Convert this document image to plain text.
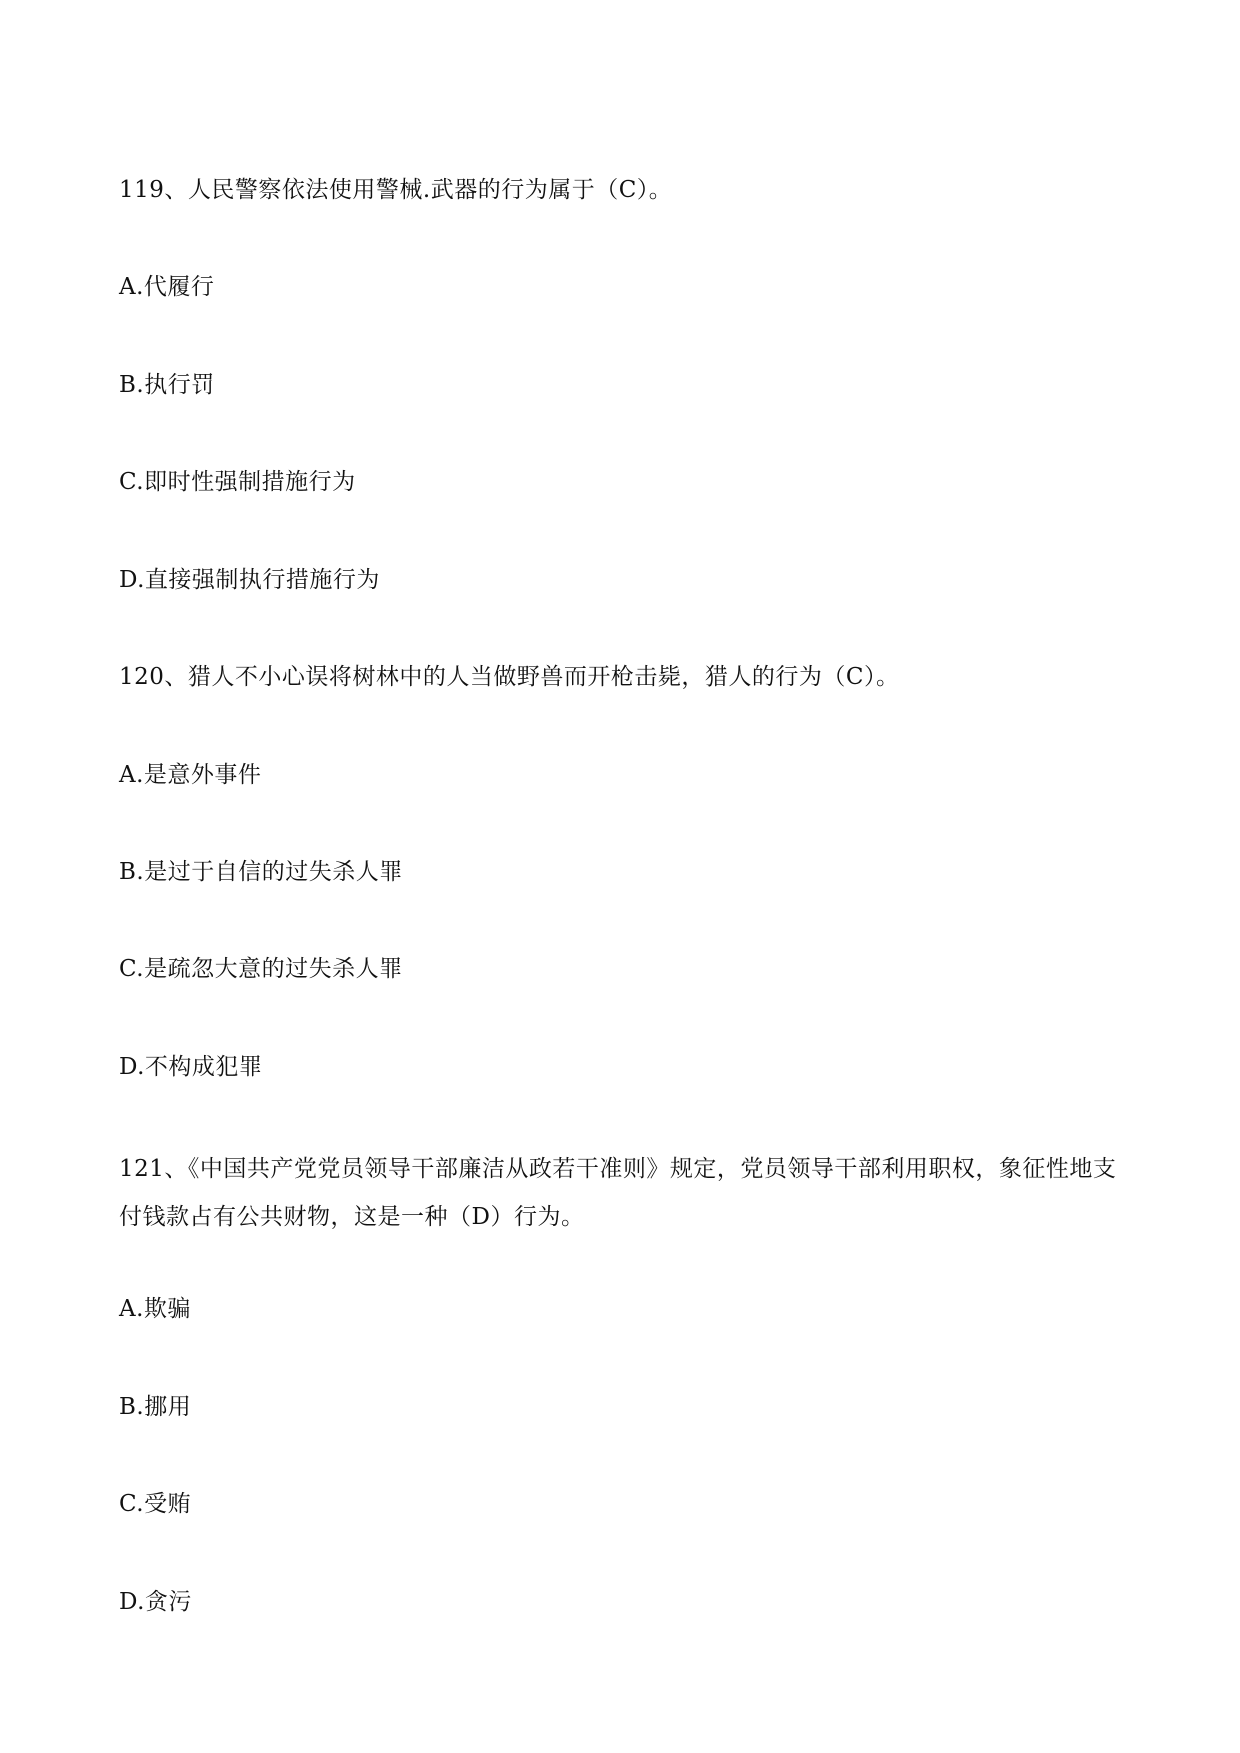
119、人民警察依法使用警械.武器的行为属于（C）。
A.代履行
B.执行罚
C.即时性强制措施行为
D.直接强制执行措施行为
120、猎人不小心误将树林中的人当做野兽而开枪击毙，猎人的行为（C）。
A.是意外事件
B.是过于自信的过失杀人罪
C.是疏忽大意的过失杀人罪
D.不构成犯罪
121、《中国共产党党员领导干部廉洁从政若干准则》规定，党员领导干部利用职权，象征性地支付钱款占有公共财物，这是一种（D）行为。
A.欺骗
B.挪用
C.受贿
D.贪污
